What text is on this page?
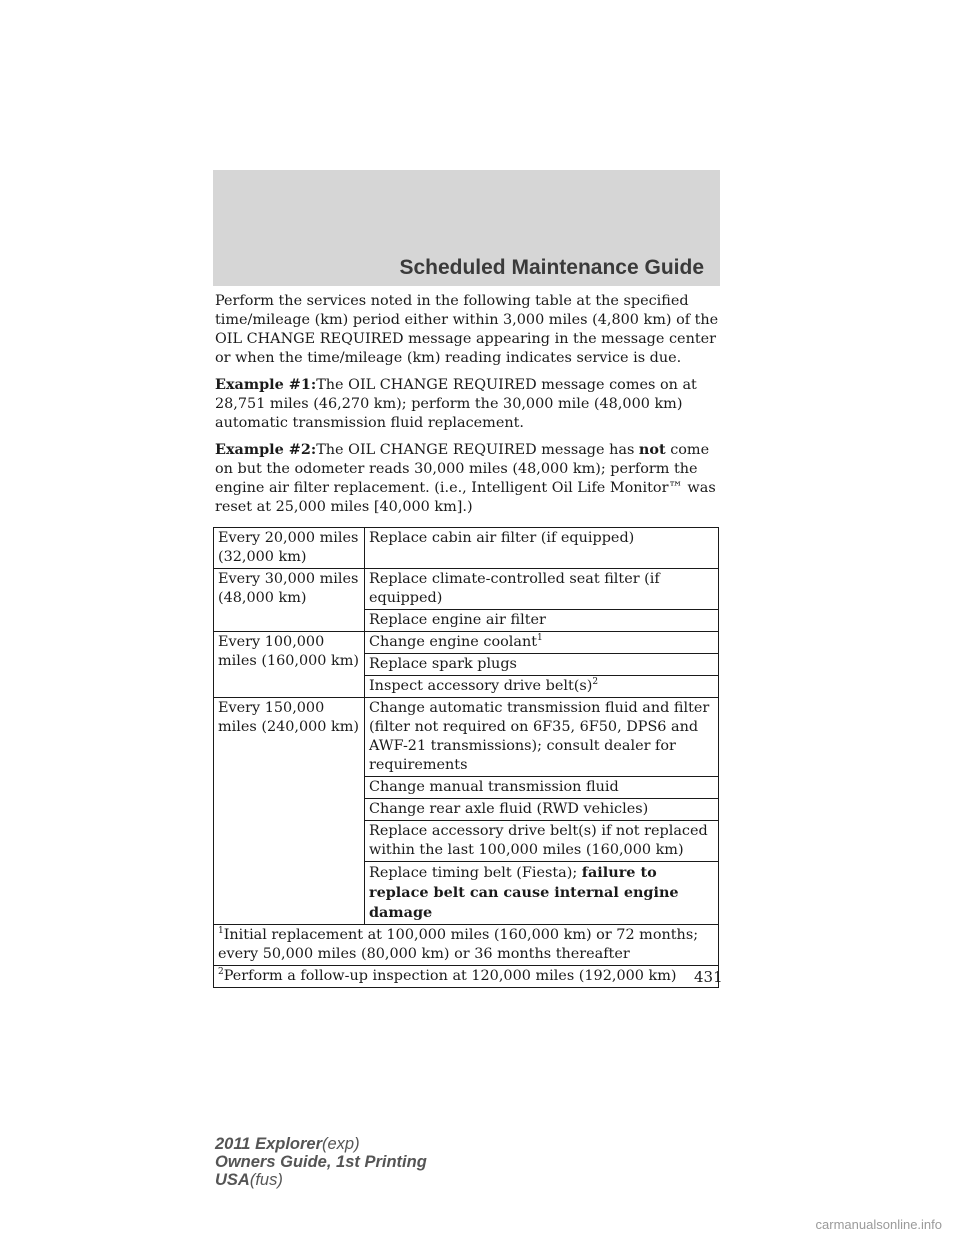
Scheduled Maintenance Guide

Perform the services noted in the following table at the specified time/mileage (km) period either within 3,000 miles (4,800 km) of the OIL CHANGE REQUIRED message appearing in the message center or when the time/mileage (km) reading indicates service is due.

Example #1:The OIL CHANGE REQUIRED message comes on at 28,751 miles (46,270 km); perform the 30,000 mile (48,000 km) automatic transmission fluid replacement.

Example #2:The OIL CHANGE REQUIRED message has not come on but the odometer reads 30,000 miles (48,000 km); perform the engine air filter replacement. (i.e., Intelligent Oil Life Monitor™ was reset at 25,000 miles [40,000 km].)

Every 20,000 miles (32,000 km)	Replace cabin air filter (if equipped)
Every 30,000 miles (48,000 km)	Replace climate-controlled seat filter (if equipped)
	Replace engine air filter
Every 100,000 miles (160,000 km)	Change engine coolant$^1$
	Replace spark plugs
	Inspect accessory drive $belt(s)^2$
Every 150,000 miles (240,000 km)	Change automatic transmission fluid and filter (filter not required on 6F35, 6F50, DPS6 and AWF-21 transmissions); consult dealer for requirements
	Change manual transmission fluid
	Change rear axle fluid (RWD vehicles)
	Replace accessory drive belt(s) if not replaced within the last 100,000 miles (160,000 km)
	Replace timing belt (Fiesta); failure to replace belt can cause internal engine damage
$^1$Initial replacement at 100,000 miles (160,000 km) or 72 months; every 50,000 miles (80,000 km) or 36 months thereafter	
$^2$Perform a follow-up inspection at 120,000 miles (192,000 km)	431
2011 Explorer(exp)
Owners Guide, 1st Printing
USA(fus)
carmanualsonline.info
